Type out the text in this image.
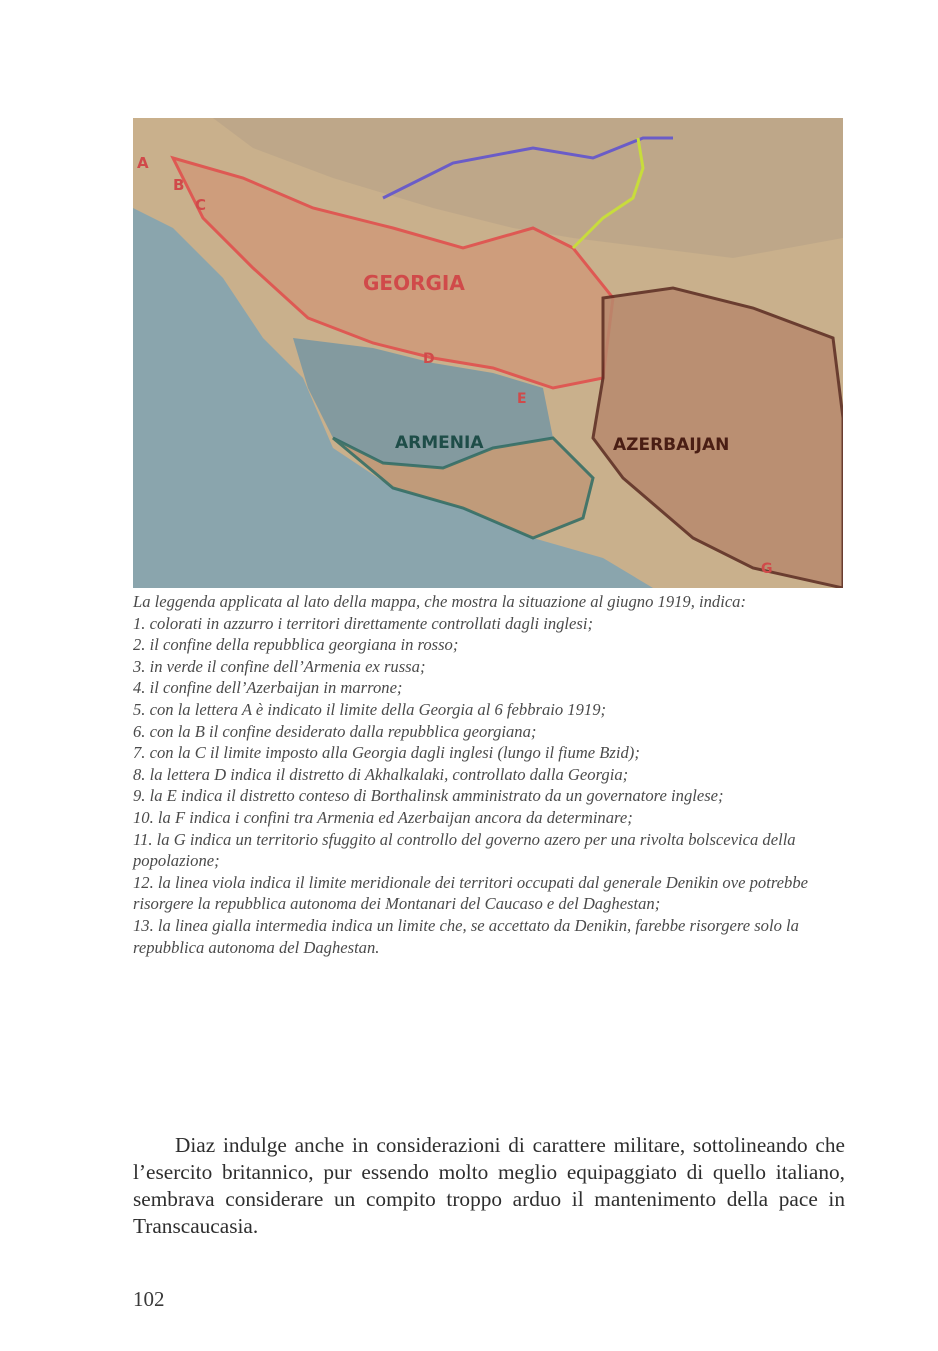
GEORGIA
ARMENIA	AZERBAIJAN
A
B
C
D
E
G

La leggenda applicata al lato della mappa, che mostra la situazione al giugno 1919, indica:

1. colorati in azzurro i territori direttamente controllati dagli inglesi;
2. il confine della repubblica georgiana in rosso;
3. in verde il confine dell’Armenia ex russa;
4. il confine dell’Azerbaijan in marrone;
5. con la lettera A è indicato il limite della Georgia al 6 febbraio 1919;
6. con la B il confine desiderato dalla repubblica georgiana;
7. con la C il limite imposto alla Georgia dagli inglesi (lungo il fiume Bzid);
8. la lettera D indica il distretto di Akhalkalaki, controllato dalla Georgia;
9. la E indica il distretto conteso di Borthalinsk amministrato da un governatore inglese;
10. la F indica i confini tra Armenia ed Azerbaijan ancora da determinare;
11. la G indica un territorio sfuggito al controllo del governo azero per una rivolta bolscevica della popolazione;
12. la linea viola indica il limite meridionale dei territori occupati dal generale Denikin ove potrebbe risorgere la repubblica autonoma dei Montanari del Caucaso e del Daghestan;
13. la linea gialla intermedia indica un limite che, se accettato da Denikin, farebbe risorgere solo la repubblica autonoma del Daghestan.

Diaz indulge anche in considerazioni di carattere militare, sottolineando che l’esercito britannico, pur essendo molto meglio equipaggiato di quello italiano, sembrava considerare un compito troppo arduo il mantenimento della pace in Transcaucasia.

102
